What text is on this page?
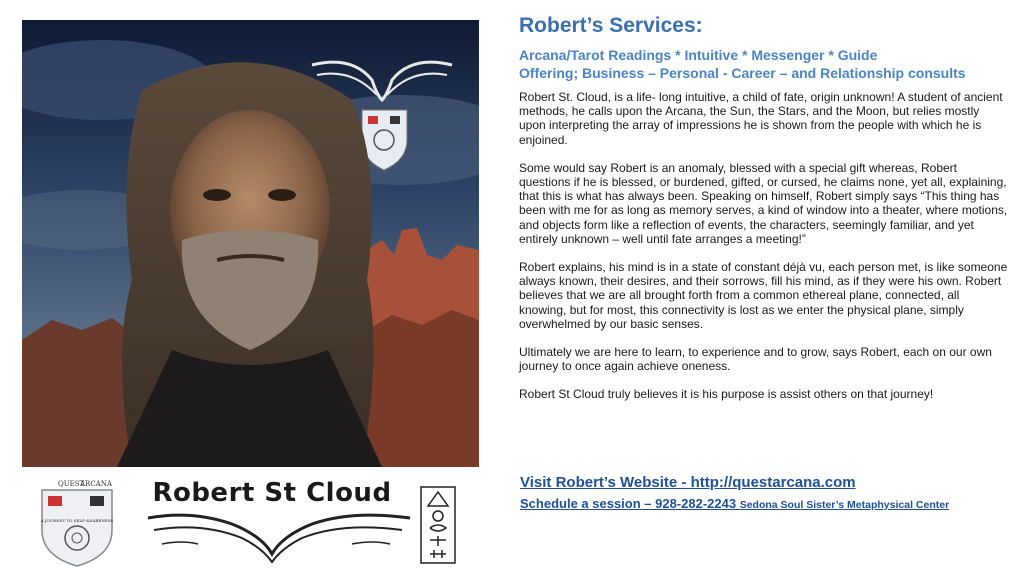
QUEST
ARCANA
A JOURNEY TO SELF-AWARENESS
Robert St Cloud
Robert’s Services:
Arcana/Tarot Readings * Intuitive * Messenger * Guide
Offering; Business – Personal - Career – and Relationship consults

Robert St. Cloud, is a life- long intuitive, a child of fate, origin unknown! A student of ancient methods, he calls upon the Arcana, the Sun, the Stars, and the Moon, but relies mostly upon interpreting the array of impressions he is shown from the people with which he is enjoined.

Some would say Robert is an anomaly, blessed with a special gift whereas, Robert questions if he is blessed, or burdened, gifted, or cursed, he claims none, yet all, explaining, that this is what has always been. Speaking on himself, Robert simply says “This thing has been with me for as long as memory serves, a kind of window into a theater, where motions, and objects form like a reflection of events, the characters, seemingly familiar, and yet entirely unknown – well until fate arranges a meeting!”

Robert explains, his mind is in a state of constant déjà vu, each person met, is like someone always known, their desires, and their sorrows, fill his mind, as if they were his own. Robert believes that we are all brought forth from a common ethereal plane, connected, all knowing, but for most, this connectivity is lost as we enter the physical plane, simply overwhelmed by our basic senses.

Ultimately we are here to learn, to experience and to grow, says Robert, each on our own journey to once again achieve oneness.

Robert St Cloud truly believes it is his purpose is assist others on that journey!

Visit Robert’s Website - http://questarcana.com
Schedule a session – 928-282-2243 Sedona Soul Sister’s Metaphysical Center
